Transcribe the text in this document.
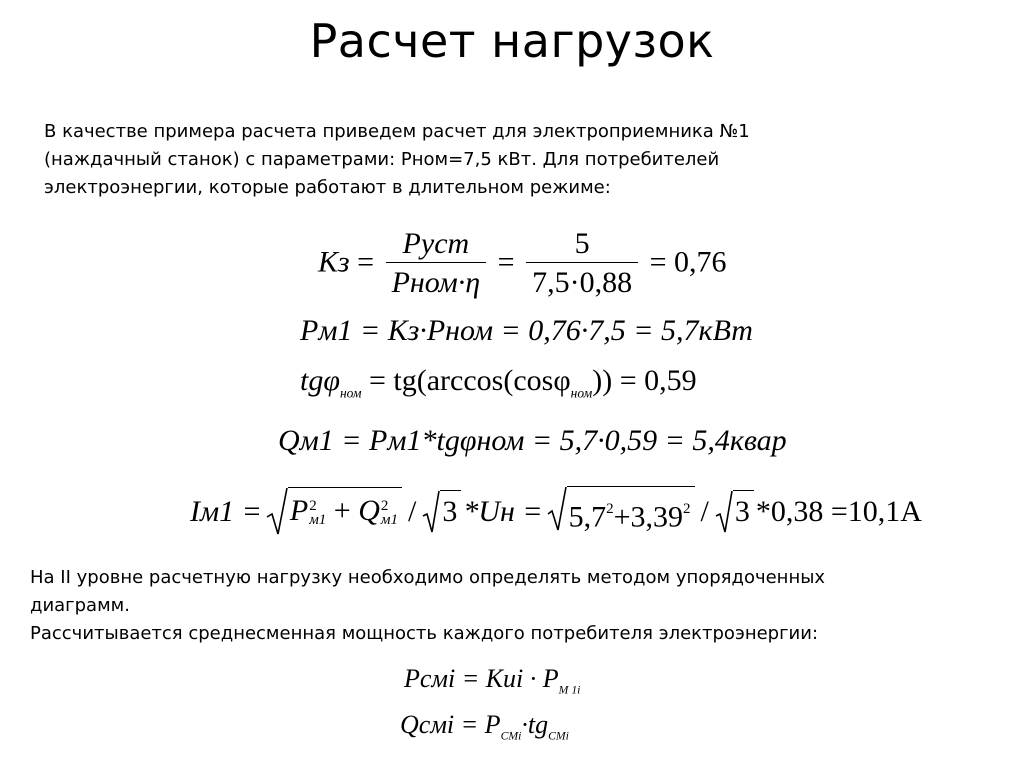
Расчет нагрузок
В качестве примера расчета приведем расчет для электроприемника №1
(наждачный станок) с параметрами: Рном=7,5 кВт. Для потребителей
электроэнергии, которые работают в длительном режиме:
Кз = $\frac{\text{Руст}}{\text{Рном·η}} = \frac{5}{7,5\cdot 0,88} = 0,76$
Рм1 = Кз·Рном = 0,76·7,5 = 5,7кВт
tgφ$_{ном}$ = tg(arccos(cosφ$_{ном}$)) = 0,59
Qм1 = Рм1*tgφном = 5,7·0,59 = 5,4квар
Iм1 = P 2
м1 + Q 2
м1 / 3 $*Uн = 5,7^2+3,39^2 / 3$ *0,38 =10,1А
На II уровне расчетную нагрузку необходимо определять методом упорядоченных
диаграмм.
Рассчитывается среднесменная мощность каждого потребителя электроэнергии:
Рсмi = Киi · $P_{M 1i}$
Qсмi = $P_{CMi}\cdot tg_{CMi}$
